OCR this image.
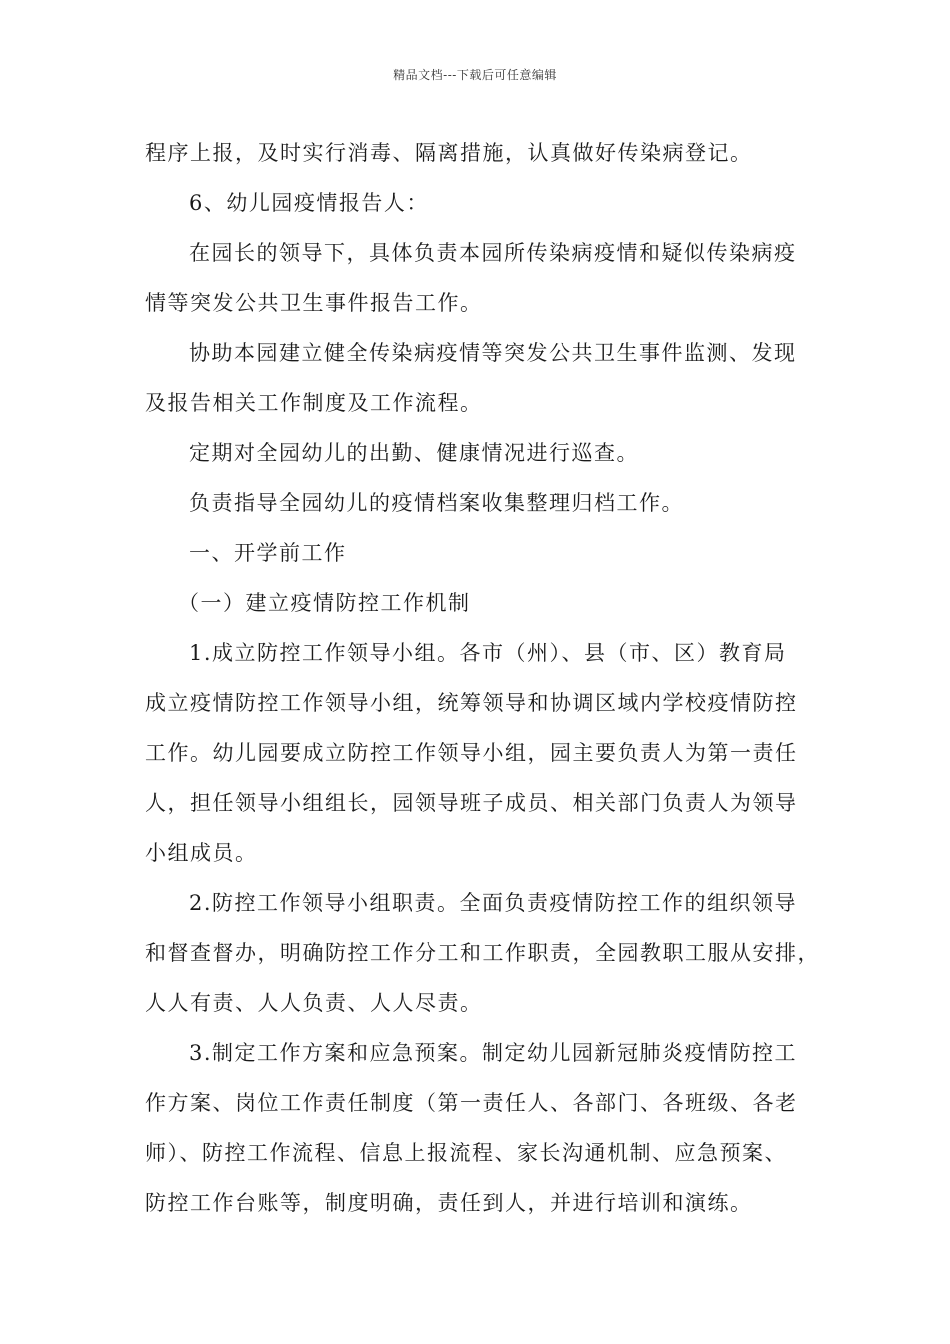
精品文档---下载后可任意编辑
程序上报，及时实行消毒、隔离措施，认真做好传染病登记。
6、幼儿园疫情报告人：
在园长的领导下，具体负责本园所传染病疫情和疑似传染病疫
情等突发公共卫生事件报告工作。
协助本园建立健全传染病疫情等突发公共卫生事件监测、发现
及报告相关工作制度及工作流程。
定期对全园幼儿的出勤、健康情况进行巡查。
负责指导全园幼儿的疫情档案收集整理归档工作。
一、开学前工作
（一）建立疫情防控工作机制
1.成立防控工作领导小组。各市（州）、县（市、区）教育局
成立疫情防控工作领导小组，统筹领导和协调区域内学校疫情防控
工作。幼儿园要成立防控工作领导小组，园主要负责人为第一责任
人，担任领导小组组长，园领导班子成员、相关部门负责人为领导
小组成员。
2.防控工作领导小组职责。全面负责疫情防控工作的组织领导
和督查督办，明确防控工作分工和工作职责，全园教职工服从安排，
人人有责、人人负责、人人尽责。
3.制定工作方案和应急预案。制定幼儿园新冠肺炎疫情防控工
作方案、岗位工作责任制度（第一责任人、各部门、各班级、各老
师）、防控工作流程、信息上报流程、家长沟通机制、应急预案、
防控工作台账等，制度明确，责任到人，并进行培训和演练。
